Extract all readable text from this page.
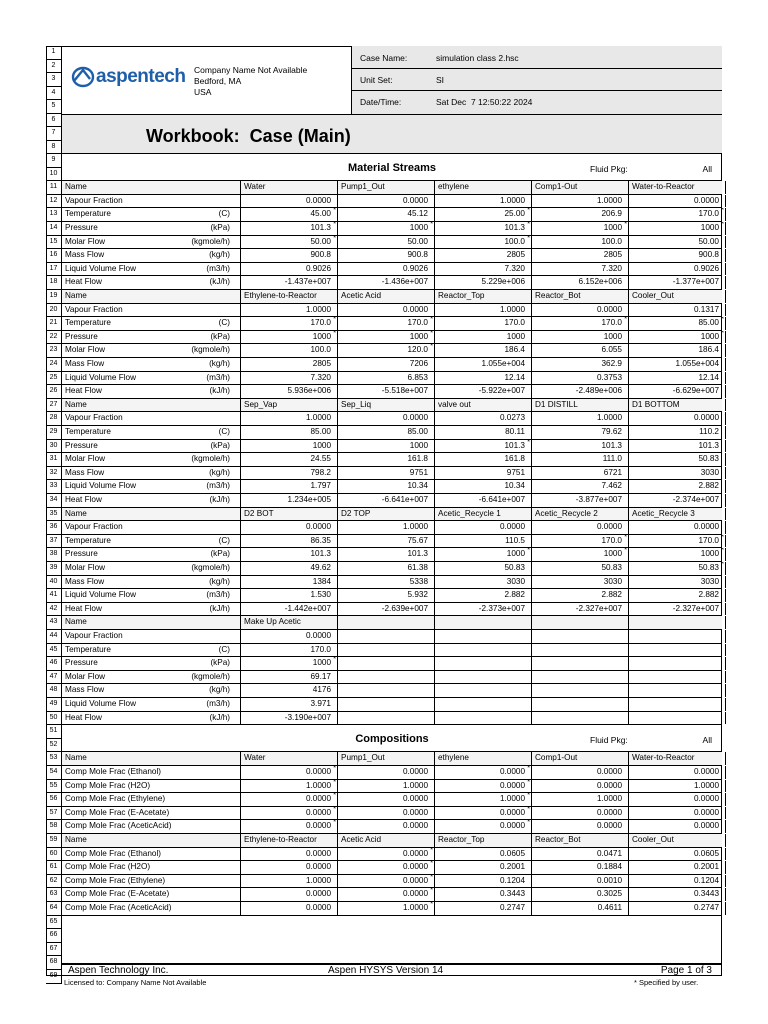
aspentech Company Name Not Available
Bedford, MA
USA
Case Name:	simulation class 2.hsc
Unit Set:	SI
Date/Time:	Sat Dec  7 12:50:22 2024
1
2
3
4
5
6
7
8
9
10
11
12
13
14
15
16
17
18
19
20
21
22
23
24
25
26
27
28
29
30
31
32
33
34
35
36
37
38
39
40
41
42
43
44
45
46
47
48
49
50
51
52
53
54
55
56
57
58
59
60
61
62
63
64
65
66
67
68
69
Workbook:  Case (Main)
Material Streams	Fluid Pkg:	All
Name	Water	Pump1_Out	ethylene	Comp1-Out	Water-to-Reactor
Vapour Fraction	0.0000	0.0000	1.0000	1.0000	0.0000
Temperature	(C)	45.00 *	45.12	25.00 *	206.9	170.0 *
Pressure	(kPa)	101.3 *	1000 *	101.3 *	1000 *	1000 *
Molar Flow	(kgmole/h)	50.00 *	50.00	100.0 *	100.0	50.00
Mass Flow	(kg/h)	900.8	900.8	2805	2805	900.8
Liquid Volume Flow	(m3/h)	0.9026	0.9026	7.320	7.320	0.9026
Heat Flow	(kJ/h)	-1.437e+007	-1.436e+007	5.229e+006	6.152e+006	-1.377e+007
Name	Ethylene-to-Reactor	Acetic Acid	Reactor_Top	Reactor_Bot	Cooler_Out
Vapour Fraction	1.0000	0.0000	1.0000	0.0000	0.1317
Temperature	(C)	170.0 *	170.0 *	170.0	170.0 *	85.00 *
Pressure	(kPa)	1000 *	1000 *	1000	1000	1000 *
Molar Flow	(kgmole/h)	100.0	120.0 *	186.4	6.055	186.4
Mass Flow	(kg/h)	2805	7206	1.055e+004	362.9	1.055e+004
Liquid Volume Flow	(m3/h)	7.320	6.853	12.14	0.3753	12.14
Heat Flow	(kJ/h)	5.936e+006	-5.518e+007	-5.922e+007	-2.489e+006	-6.629e+007
Name	Sep_Vap	Sep_Liq	valve out	D1 DISTILL	D1 BOTTOM
Vapour Fraction	1.0000	0.0000	0.0273	1.0000	0.0000
Temperature	(C)	85.00	85.00	80.11	79.62	110.2
Pressure	(kPa)	1000	1000	101.3 *	101.3	101.3
Molar Flow	(kgmole/h)	24.55	161.8	161.8	111.0	50.83
Mass Flow	(kg/h)	798.2	9751	9751	6721	3030
Liquid Volume Flow	(m3/h)	1.797	10.34	10.34	7.462	2.882
Heat Flow	(kJ/h)	1.234e+005	-6.641e+007	-6.641e+007	-3.877e+007	-2.374e+007
Name	D2 BOT	D2 TOP	Acetic_Recycle 1	Acetic_Recycle 2	Acetic_Recycle 3
Vapour Fraction	0.0000	1.0000	0.0000	0.0000	0.0000
Temperature	(C)	86.35	75.67	110.5	170.0 *	170.0 *
Pressure	(kPa)	101.3	101.3	1000 *	1000 *	1000 *
Molar Flow	(kgmole/h)	49.62	61.38	50.83	50.83	50.83 *
Mass Flow	(kg/h)	1384	5338	3030	3030	3030
Liquid Volume Flow	(m3/h)	1.530	5.932	2.882	2.882	2.882
Heat Flow	(kJ/h)	-1.442e+007	-2.639e+007	-2.373e+007	-2.327e+007	-2.327e+007
Name	Make Up Acetic
Vapour Fraction	0.0000
Temperature	(C)	170.0
Pressure	(kPa)	1000 *
Molar Flow	(kgmole/h)	69.17
Mass Flow	(kg/h)	4176
Liquid Volume Flow	(m3/h)	3.971
Heat Flow	(kJ/h)	-3.190e+007
Compositions	Fluid Pkg:	All
Name	Water	Pump1_Out	ethylene	Comp1-Out	Water-to-Reactor
Comp Mole Frac (Ethanol)	0.0000 *	0.0000	0.0000 *	0.0000	0.0000
Comp Mole Frac (H2O)	1.0000 *	1.0000	0.0000 *	0.0000	1.0000
Comp Mole Frac (Ethylene)	0.0000 *	0.0000	1.0000 *	1.0000	0.0000
Comp Mole Frac (E-Acetate)	0.0000 *	0.0000	0.0000 *	0.0000	0.0000
Comp Mole Frac (AceticAcid)	0.0000 *	0.0000	0.0000 *	0.0000	0.0000
Name	Ethylene-to-Reactor	Acetic Acid	Reactor_Top	Reactor_Bot	Cooler_Out
Comp Mole Frac (Ethanol)	0.0000	0.0000 *	0.0605	0.0471	0.0605
Comp Mole Frac (H2O)	0.0000	0.0000 *	0.2001	0.1884	0.2001
Comp Mole Frac (Ethylene)	1.0000	0.0000 *	0.1204	0.0010	0.1204
Comp Mole Frac (E-Acetate)	0.0000	0.0000 *	0.3443	0.3025	0.3443
Comp Mole Frac (AceticAcid)	0.0000	1.0000 *	0.2747	0.4611	0.2747
Aspen Technology Inc.	Aspen HYSYS Version 14	Page 1 of 3
Licensed to: Company Name Not Available	* Specified by user.
